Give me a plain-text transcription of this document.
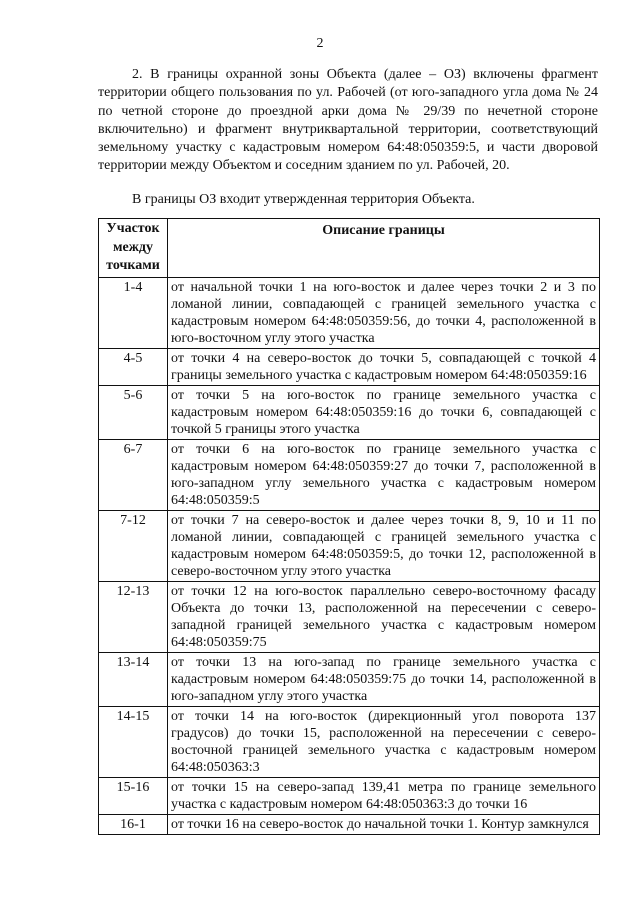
2

2. В границы охранной зоны Объекта (далее – ОЗ) включены фрагмент территории общего пользования по ул. Рабочей (от юго-западного угла дома № 24 по четной стороне до проездной арки дома № 29/39 по нечетной стороне включительно) и фрагмент внутриквартальной территории, соответствующий земельному участку с кадастровым номером 64:48:050359:5, и части дворовой территории между Объектом и соседним зданием по ул. Рабочей, 20.

В границы ОЗ входит утвержденная территория Объекта.

Участок между точками	Описание границы
1-4	от начальной точки 1 на юго-восток и далее через точки 2 и 3 по ломаной линии, совпадающей с границей земельного участка с кадастровым номером 64:48:050359:56, до точки 4, расположенной в юго-восточном углу этого участка
4-5	от точки 4 на северо-восток до точки 5, совпадающей с точкой 4 границы земельного участка с кадастровым номером 64:48:050359:16
5-6	от точки 5 на юго-восток по границе земельного участка с кадастровым номером 64:48:050359:16 до точки 6, совпадающей с точкой 5 границы этого участка
6-7	от точки 6 на юго-восток по границе земельного участка с кадастровым номером 64:48:050359:27 до точки 7, расположенной в юго-западном углу земельного участка с кадастровым номером 64:48:050359:5
7-12	от точки 7 на северо-восток и далее через точки 8, 9, 10 и 11 по ломаной линии, совпадающей с границей земельного участка с кадастровым номером 64:48:050359:5, до точки 12, расположенной в северо-восточном углу этого участка
12-13	от точки 12 на юго-восток параллельно северо-восточному фасаду Объекта до точки 13, расположенной на пересечении с северо-западной границей земельного участка с кадастровым номером 64:48:050359:75
13-14	от точки 13 на юго-запад по границе земельного участка с кадастровым номером 64:48:050359:75 до точки 14, расположенной в юго-западном углу этого участка
14-15	от точки 14 на юго-восток (дирекционный угол поворота 137 градусов) до точки 15, расположенной на пересечении с северо-восточной границей земельного участка с кадастровым номером 64:48:050363:3
15-16	от точки 15 на северо-запад 139,41 метра по границе земельного участка с кадастровым номером 64:48:050363:3 до точки 16
16-1	от точки 16 на северо-восток до начальной точки 1. Контур замкнулся
